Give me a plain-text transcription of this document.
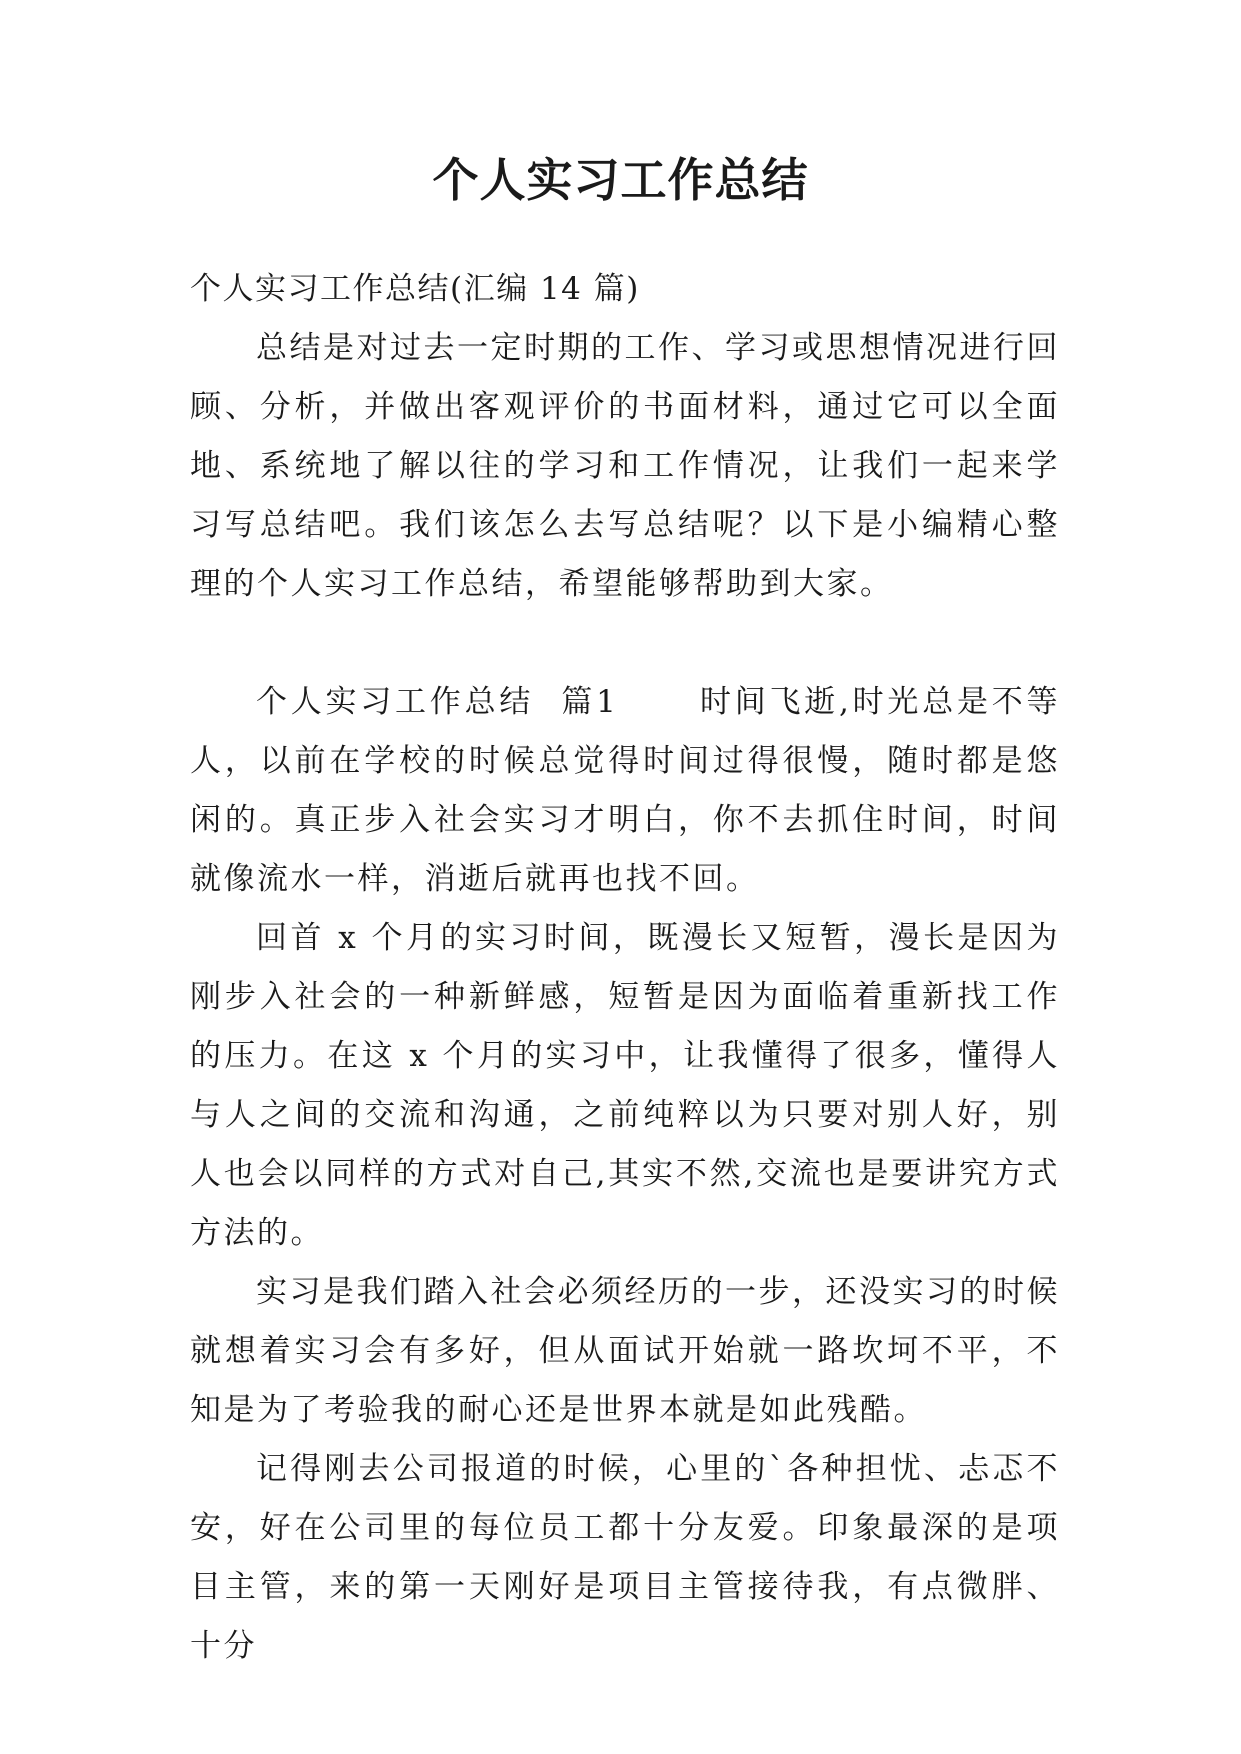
个人实习工作总结

个人实习工作总结(汇编 14 篇)

总结是对过去一定时期的工作、学习或思想情况进行回顾、分析，并做出客观评价的书面材料，通过它可以全面地、系统地了解以往的学习和工作情况，让我们一起来学习写总结吧。我们该怎么去写总结呢？以下是小编精心整理的个人实习工作总结，希望能够帮助到大家。

个人实习工作总结  篇1      时间飞逝,时光总是不等人，以前在学校的时候总觉得时间过得很慢，随时都是悠闲的。真正步入社会实习才明白，你不去抓住时间，时间就像流水一样，消逝后就再也找不回。

回首 x 个月的实习时间，既漫长又短暂，漫长是因为刚步入社会的一种新鲜感，短暂是因为面临着重新找工作的压力。在这 x 个月的实习中，让我懂得了很多，懂得人与人之间的交流和沟通，之前纯粹以为只要对别人好，别人也会以同样的方式对自己,其实不然,交流也是要讲究方式方法的。

实习是我们踏入社会必须经历的一步，还没实习的时候就想着实习会有多好，但从面试开始就一路坎坷不平，不知是为了考验我的耐心还是世界本就是如此残酷。

记得刚去公司报道的时候，心里的`各种担忧、忐忑不安，好在公司里的每位员工都十分友爱。印象最深的是项目主管，来的第一天刚好是项目主管接待我，有点微胖、十分
